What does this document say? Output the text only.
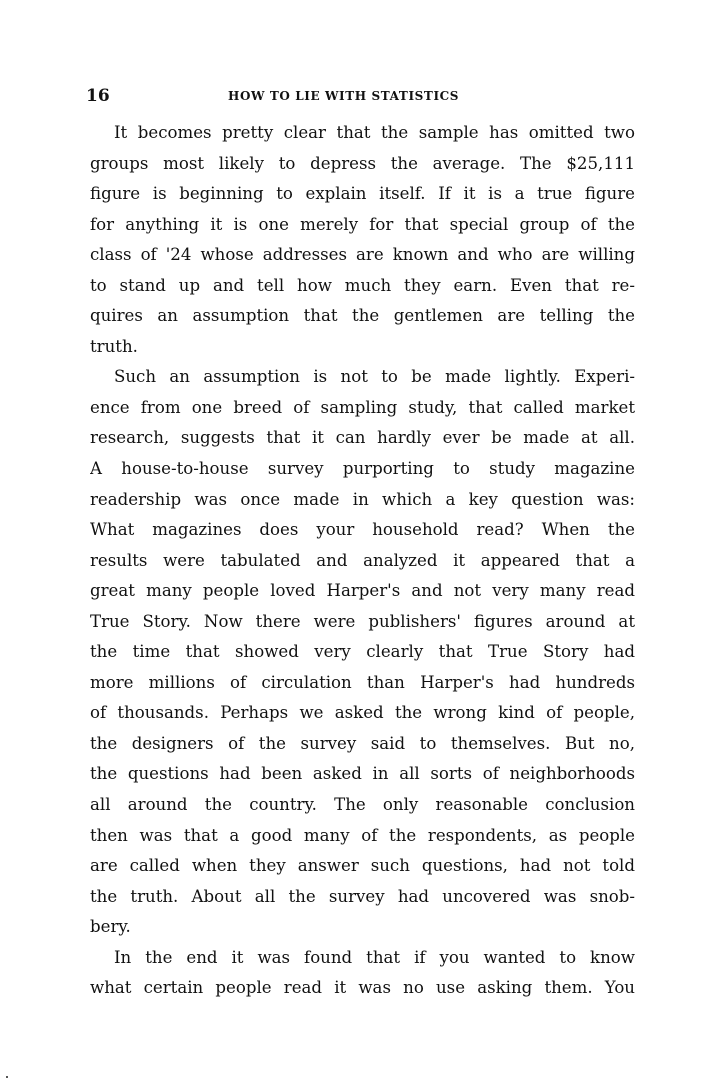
16	HOW TO LIE WITH STATISTICS
It becomes pretty clear that the sample has omitted two
groups most likely to depress the average. The $25,111
figure is beginning to explain itself. If it is a true figure
for anything it is one merely for that special group of the
class of '24 whose addresses are known and who are willing
to stand up and tell how much they earn. Even that re-
quires an assumption that the gentlemen are telling the
truth.
Such an assumption is not to be made lightly. Experi-
ence from one breed of sampling study, that called market
research, suggests that it can hardly ever be made at all.
A house-to-house survey purporting to study magazine
readership was once made in which a key question was:
What magazines does your household read? When the
results were tabulated and analyzed it appeared that a
great many people loved Harper's and not very many read
True Story. Now there were publishers' figures around at
the time that showed very clearly that True Story had
more millions of circulation than Harper's had hundreds
of thousands. Perhaps we asked the wrong kind of people,
the designers of the survey said to themselves. But no,
the questions had been asked in all sorts of neighborhoods
all around the country. The only reasonable conclusion
then was that a good many of the respondents, as people
are called when they answer such questions, had not told
the truth. About all the survey had uncovered was snob-
bery.
In the end it was found that if you wanted to know
what certain people read it was no use asking them. You
